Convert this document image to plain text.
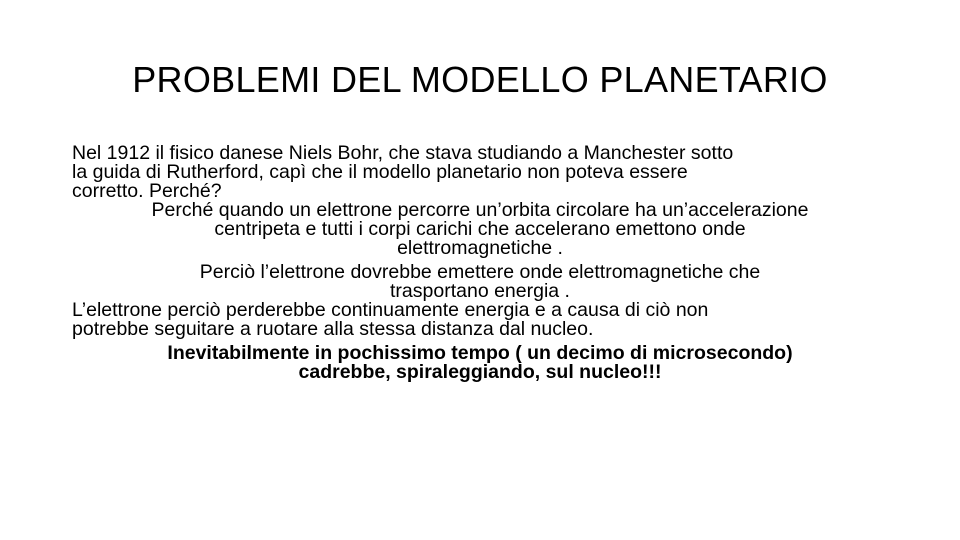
PROBLEMI DEL MODELLO PLANETARIO
Nel 1912 il fisico danese Niels Bohr, che stava studiando a Manchester sotto
la guida di Rutherford, capì che il modello planetario non poteva essere
corretto. Perché?
Perché quando un elettrone percorre un’orbita circolare ha un’accelerazione
centripeta e tutti i corpi carichi che accelerano emettono onde
elettromagnetiche .
Perciò l’elettrone dovrebbe emettere onde elettromagnetiche che
trasportano energia .
L’elettrone perciò perderebbe continuamente energia e a causa di ciò non
potrebbe seguitare a ruotare alla stessa distanza dal nucleo.
Inevitabilmente in pochissimo tempo ( un decimo di microsecondo)
cadrebbe, spiraleggiando, sul nucleo!!!
